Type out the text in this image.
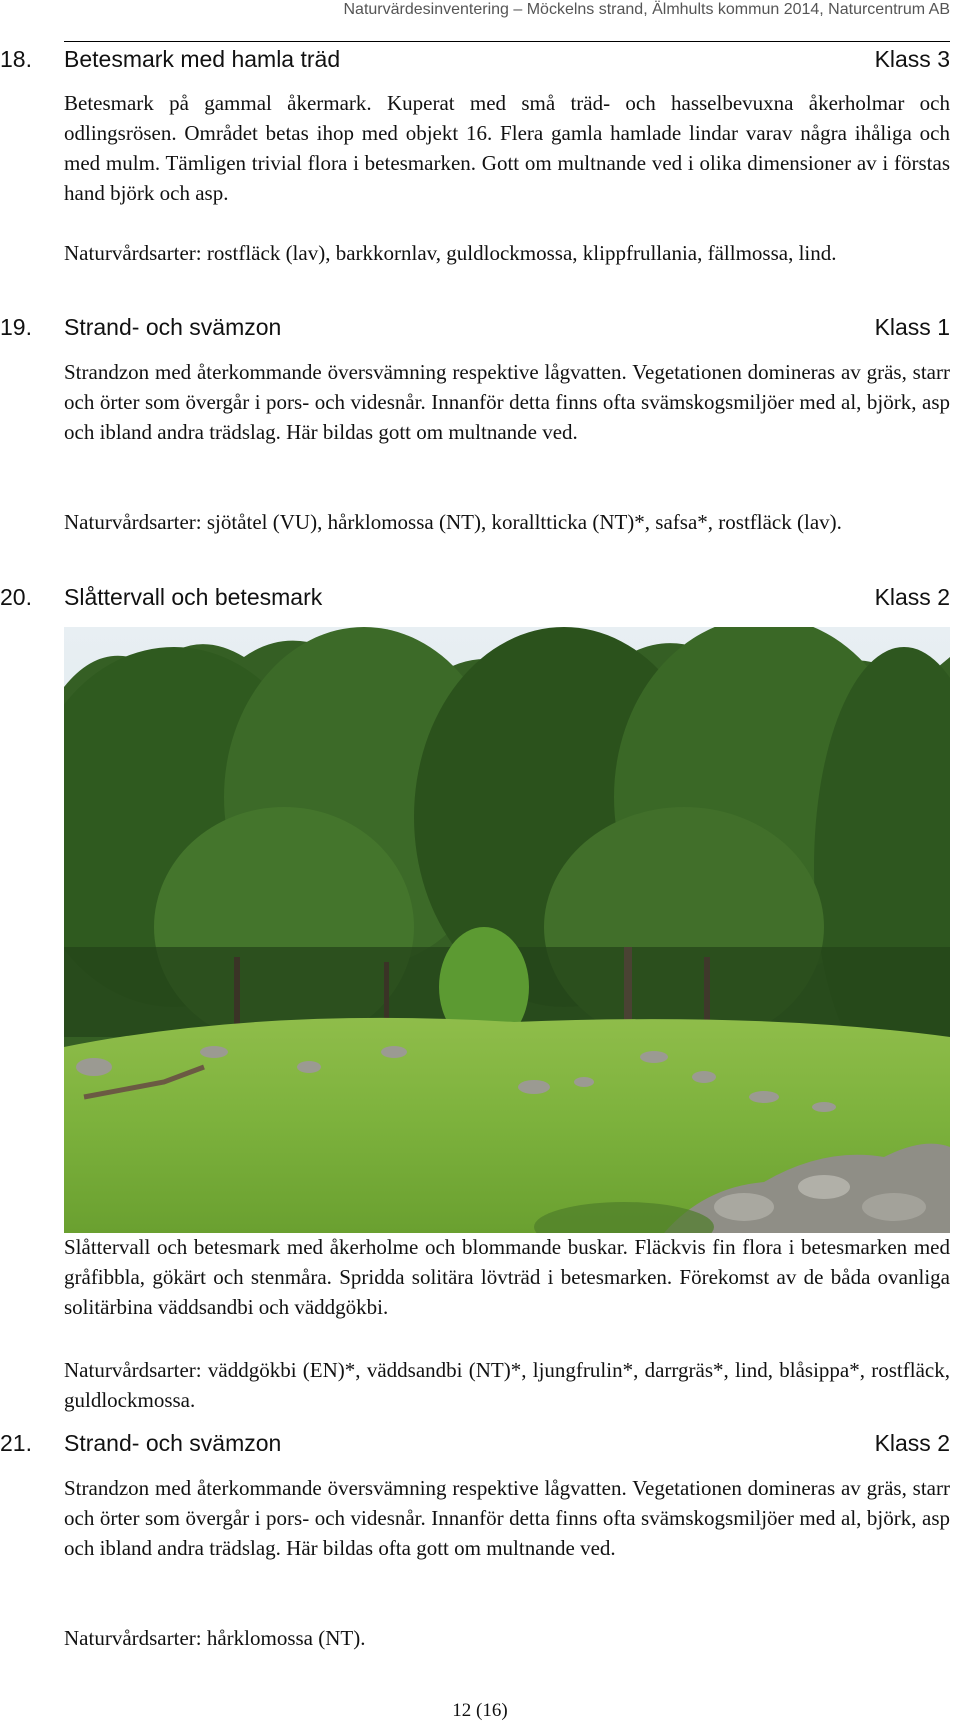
Naturvärdesinventering – Möckelns strand, Älmhults kommun 2014, Naturcentrum AB
18. Betesmark med hamla träd	Klass 3

Betesmark på gammal åkermark. Kuperat med små träd- och hasselbevuxna åkerholmar och odlingsrösen. Området betas ihop med objekt 16. Flera gamla hamlade lindar varav några ihåliga och med mulm. Tämligen trivial flora i betesmarken. Gott om multnande ved i olika dimensioner av i förstas hand björk och asp.

Naturvårdsarter: rostfläck (lav), barkkornlav, guldlockmossa, klippfrullania, fällmossa, lind.

19. Strand- och svämzon	Klass 1

Strandzon med återkommande översvämning respektive lågvatten. Vegetationen domineras av gräs, starr och örter som övergår i pors- och videsnår. Innanför detta finns ofta svämskogsmiljöer med al, björk, asp och ibland andra trädslag. Här bildas gott om multnande ved.

Naturvårdsarter: sjötåtel (VU), hårklomossa (NT), koralltticka (NT)*, safsa*, rostfläck (lav).

20. Slåttervall och betesmark	Klass 2

Slåttervall och betesmark med åkerholme och blommande buskar. Fläckvis fin flora i betesmarken med gråfibbla, gökärt och stenmåra. Spridda solitära lövträd i betesmarken. Förekomst av de båda ovanliga solitärbina väddsandbi och väddgökbi.

Naturvårdsarter: väddgökbi (EN)*, väddsandbi (NT)*, ljungfrulin*, darrgräs*, lind, blåsippa*, rostfläck, guldlockmossa.

21. Strand- och svämzon	Klass 2

Strandzon med återkommande översvämning respektive lågvatten. Vegetationen domineras av gräs, starr och örter som övergår i pors- och videsnår. Innanför detta finns ofta svämskogsmiljöer med al, björk, asp och ibland andra trädslag. Här bildas ofta gott om multnande ved.

Naturvårdsarter: hårklomossa (NT).

12 (16)
